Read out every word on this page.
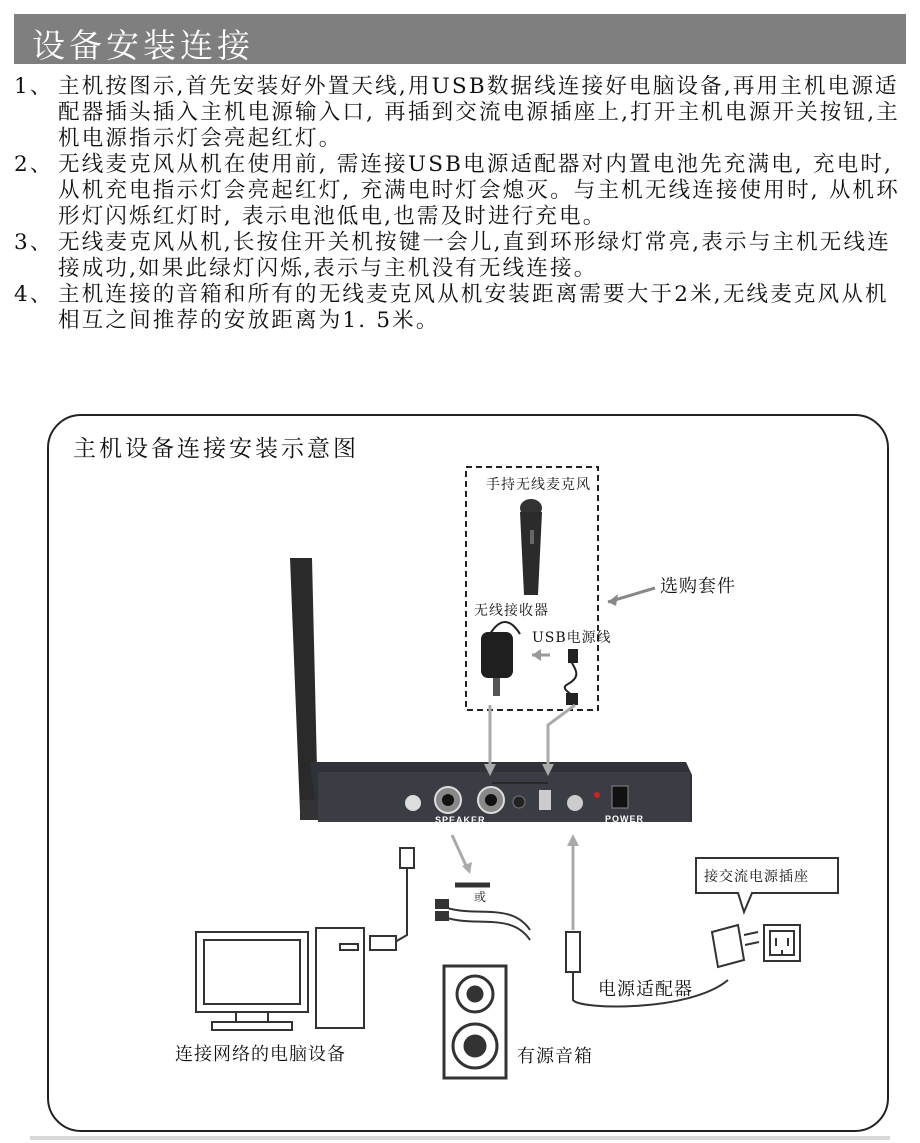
设备安装连接
1、 主机按图示,首先安装好外置天线,用USB数据线连接好电脑设备,再用主机电源适配器插头插入主机电源输入口, 再插到交流电源插座上,打开主机电源开关按钮,主机电源指示灯会亮起红灯。
2、 无线麦克风从机在使用前, 需连接USB电源适配器对内置电池先充满电, 充电时, 从机充电指示灯会亮起红灯, 充满电时灯会熄灭。与主机无线连接使用时, 从机环形灯闪烁红灯时, 表示电池低电,也需及时进行充电。
3、 无线麦克风从机,长按住开关机按键一会儿,直到环形绿灯常亮,表示与主机无线连接成功,如果此绿灯闪烁,表示与主机没有无线连接。
4、 主机连接的音箱和所有的无线麦克风从机安装距离需要大于2米,无线麦克风从机相互之间推荐的安放距离为1. 5米。
主机设备连接安装示意图
手持无线麦克风
选购套件
无线接收器
USB电源线
SPEAKER	POWER
或
接交流电源插座
电源适配器
连接网络的电脑设备	有源音箱
